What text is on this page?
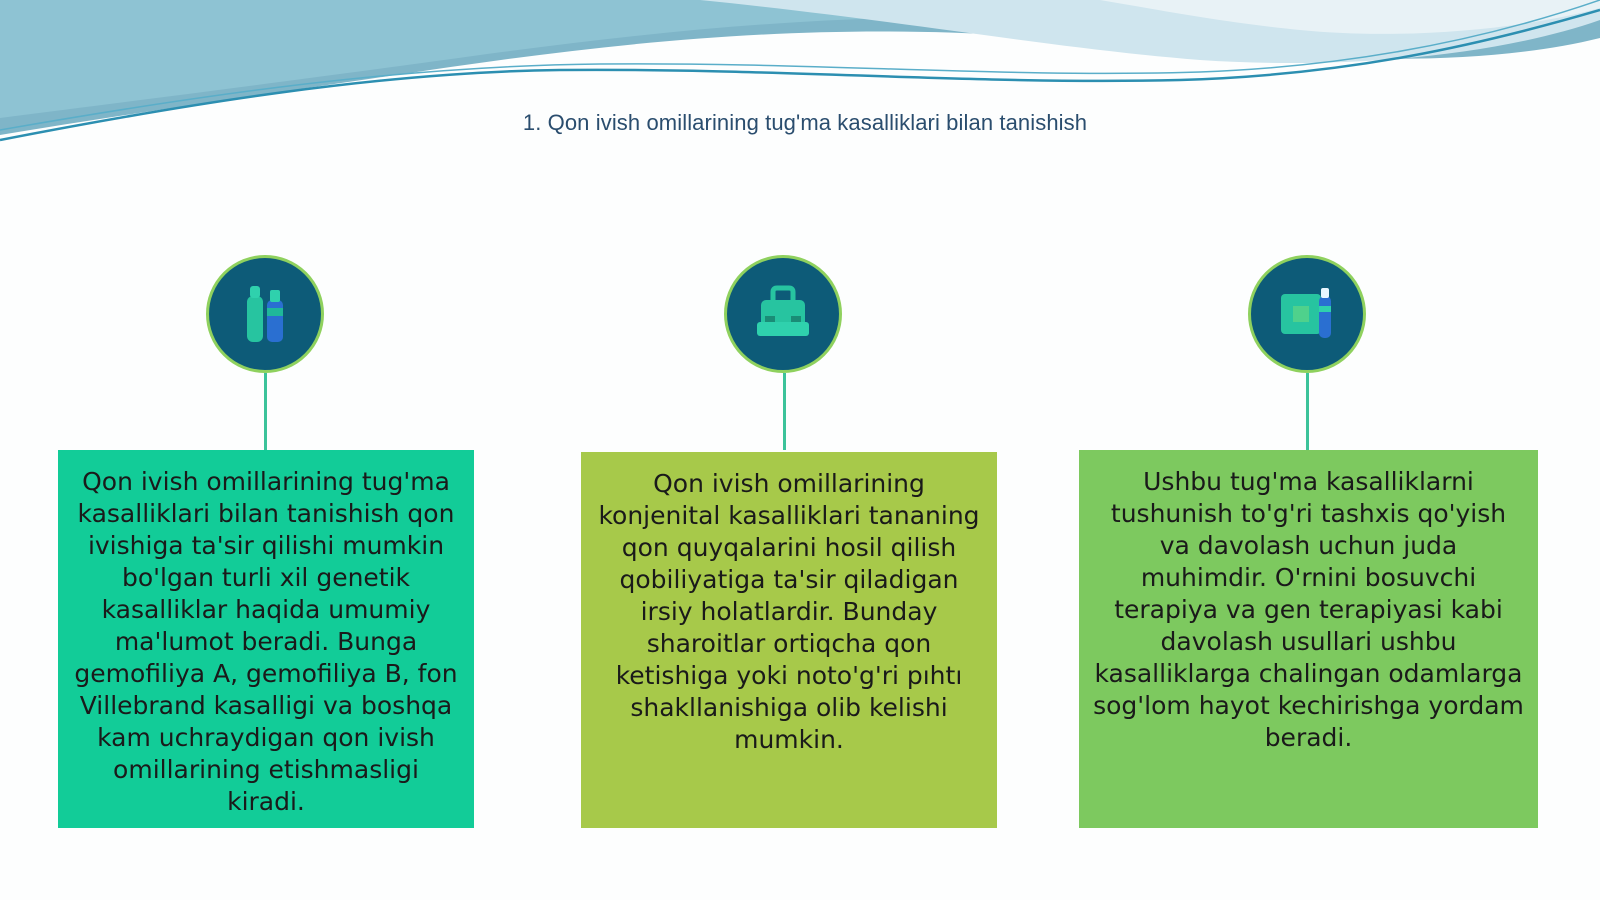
1. Qon ivish omillarining tug'ma kasalliklari bilan tanishish
Qon ivish omillarining tug'ma kasalliklari bilan tanishish qon ivishiga ta'sir qilishi mumkin bo'lgan turli xil genetik kasalliklar haqida umumiy ma'lumot beradi. Bunga gemofiliya A, gemofiliya B, fon Villebrand kasalligi va boshqa kam uchraydigan qon ivish omillarining etishmasligi kiradi.
Qon ivish omillarining konjenital kasalliklari tananing qon quyqalarini hosil qilish qobiliyatiga ta'sir qiladigan irsiy holatlardir. Bunday sharoitlar ortiqcha qon ketishiga yoki noto'g'ri pıhtı shakllanishiga olib kelishi mumkin.
Ushbu tug'ma kasalliklarni tushunish to'g'ri tashxis qo'yish va davolash uchun juda muhimdir. O'rnini bosuvchi terapiya va gen terapiyasi kabi davolash usullari ushbu kasalliklarga chalingan odamlarga sog'lom hayot kechirishga yordam beradi.
